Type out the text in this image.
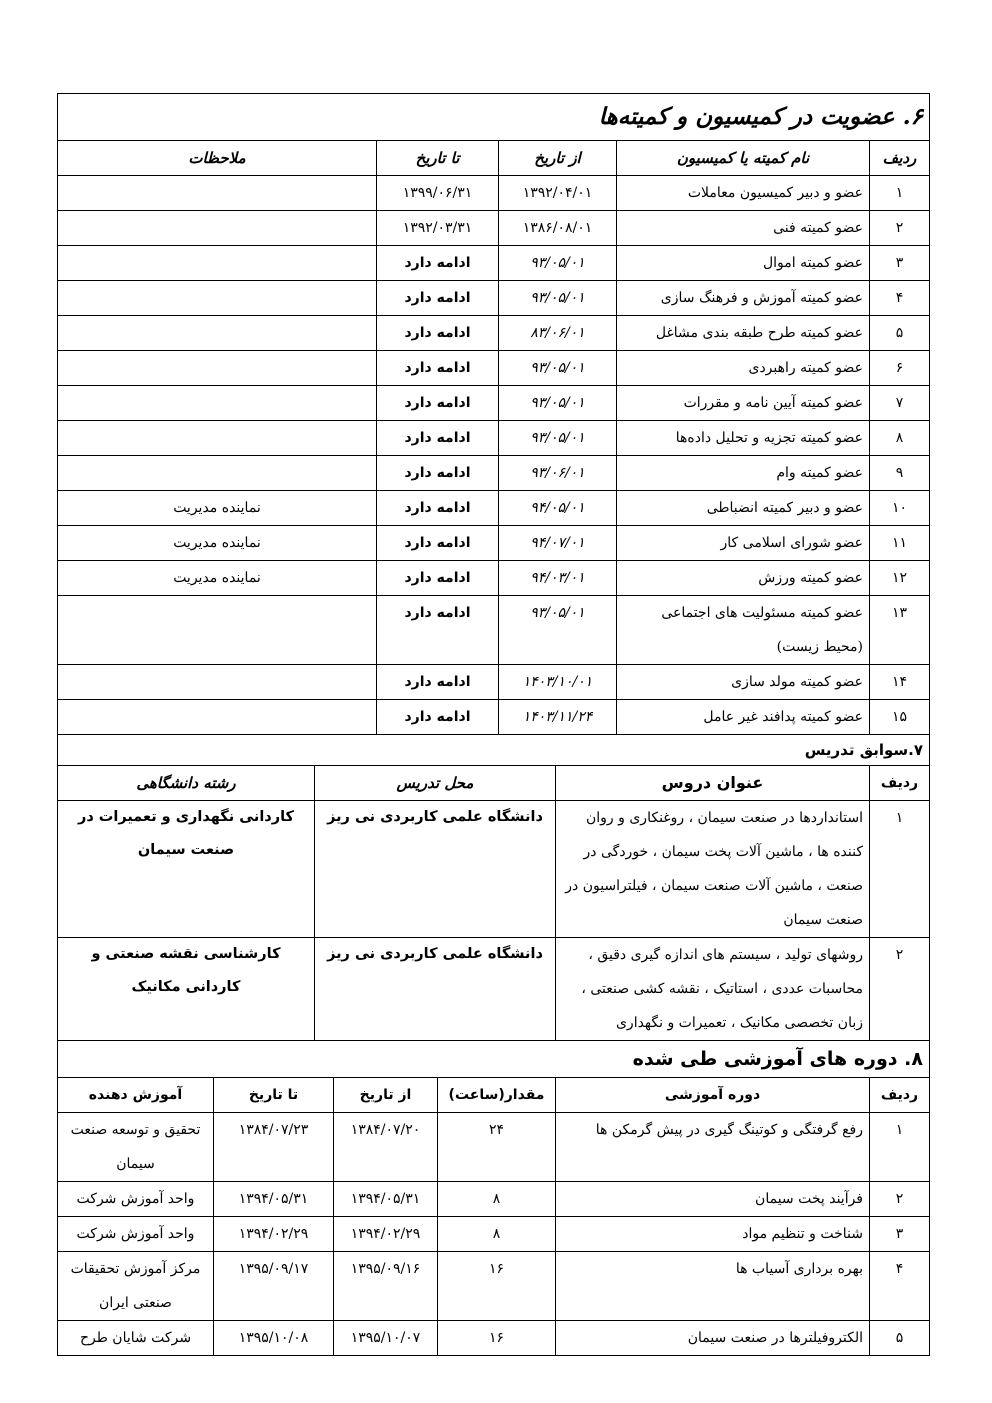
۶. عضویت در کمیسیون و کمیته‌ها				
ردیف	نام کمیته یا کمیسیون	از تاریخ	تا تاریخ	ملاحظات
۱	عضو و دبیر کمیسیون معاملات	۱۳۹۲/۰۴/۰۱	۱۳۹۹/۰۶/۳۱	
۲	عضو کمیته فنی	۱۳۸۶/۰۸/۰۱	۱۳۹۲/۰۳/۳۱	
۳	عضو کمیته اموال	۹۳/۰۵/۰۱	ادامه دارد	
۴	عضو کمیته آموزش و فرهنگ سازی	۹۳/۰۵/۰۱	ادامه دارد	
۵	عضو کمیته طرح طبقه بندی مشاغل	۸۳/۰۶/۰۱	ادامه دارد	
۶	عضو کمیته راهبردی	۹۳/۰۵/۰۱	ادامه دارد	
۷	عضو کمیته آیین نامه و مقررات	۹۳/۰۵/۰۱	ادامه دارد	
۸	عضو کمیته تجزیه و تحلیل داده‌ها	۹۳/۰۵/۰۱	ادامه دارد	
۹	عضو کمیته وام	۹۳/۰۶/۰۱	ادامه دارد	
۱۰	عضو و دبیر کمیته انضباطی	۹۴/۰۵/۰۱	ادامه دارد	نماینده مدیریت
۱۱	عضو شورای اسلامی کار	۹۴/۰۷/۰۱	ادامه دارد	نماینده مدیریت
۱۲	عضو کمیته ورزش	۹۴/۰۳/۰۱	ادامه دارد	نماینده مدیریت
۱۳	عضو کمیته مسئولیت های اجتماعی (محیط زیست)	۹۳/۰۵/۰۱	ادامه دارد	
۱۴	عضو کمیته مولد سازی	۱۴۰۳/۱۰/۰۱	ادامه دارد	
۱۵	عضو کمیته پدافند غیر عامل	۱۴۰۳/۱۱/۲۴	ادامه دارد	
۷.سوابق تدریس			
ردیف	عنوان دروس	محل تدریس	رشته دانشگاهی
۱	استانداردها در صنعت سیمان ، روغنکاری و روان کننده ها ، ماشین آلات پخت سیمان ، خوردگی در صنعت ، ماشین آلات صنعت سیمان ، فیلتراسیون در صنعت سیمان	دانشگاه علمی کاربردی نی ریز	کاردانی نگهداری و تعمیرات در صنعت سیمان
۲	روشهای تولید ، سیستم های اندازه گیری دقیق ، محاسبات عددی ، استاتیک ، نقشه کشی صنعتی ، زبان تخصصی مکانیک ، تعمیرات و نگهداری	دانشگاه علمی کاربردی نی ریز	کارشناسی نقشه صنعتی و کاردانی مکانیک
۸. دوره های آموزشی طی شده					
ردیف	دوره آموزشی	مقدار(ساعت)	از تاریخ	تا تاریخ	آموزش دهنده
۱	رفع گرفتگی و کوتینگ گیری در پیش گرمکن ها	۲۴	۱۳۸۴/۰۷/۲۰	۱۳۸۴/۰۷/۲۳	تحقیق و توسعه صنعت سیمان
۲	فرآیند پخت سیمان	۸	۱۳۹۴/۰۵/۳۱	۱۳۹۴/۰۵/۳۱	واحد آموزش شرکت
۳	شناخت و تنظیم مواد	۸	۱۳۹۴/۰۲/۲۹	۱۳۹۴/۰۲/۲۹	واحد آموزش شرکت
۴	بهره برداری آسیاب ها	۱۶	۱۳۹۵/۰۹/۱۶	۱۳۹۵/۰۹/۱۷	مرکز آموزش تحقیقات صنعتی ایران
۵	الکتروفیلترها در صنعت سیمان	۱۶	۱۳۹۵/۱۰/۰۷	۱۳۹۵/۱۰/۰۸	شرکت شایان طرح
